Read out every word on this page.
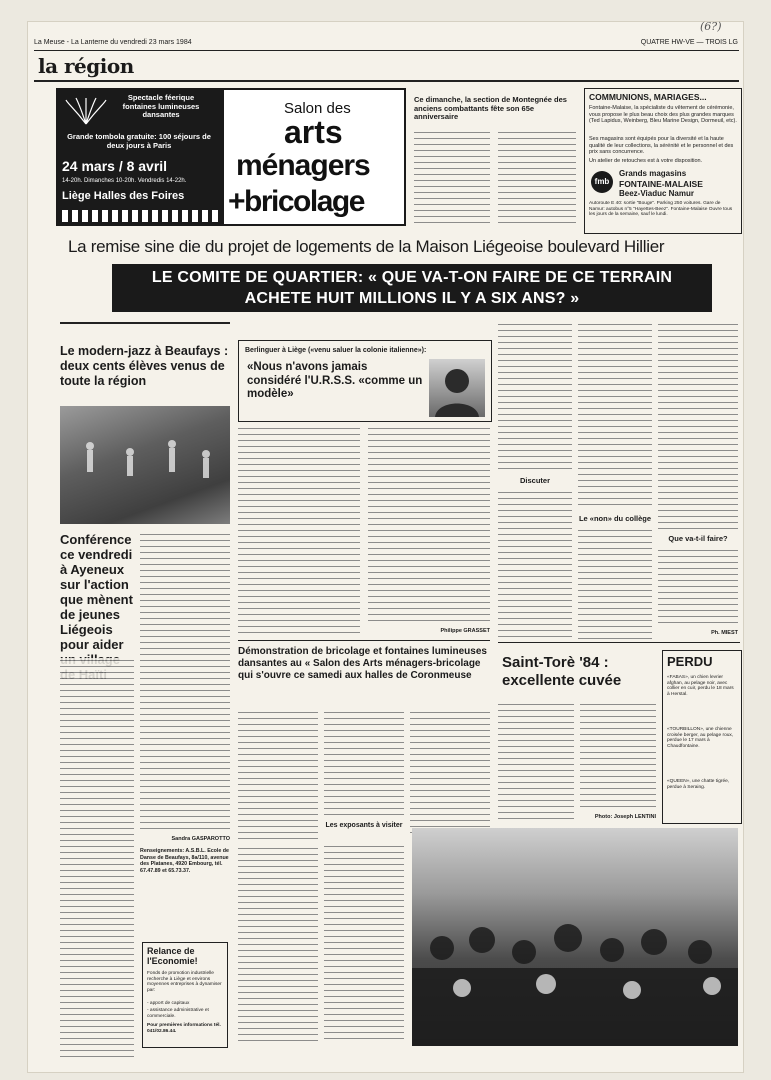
(6?)
La Meuse - La Lanterne du vendredi 23 mars 1984	QUATRE HW-VE — TROIS LG
la région
Spectacle féerique fontaines lumineuses dansantes
Grande tombola gratuite: 100 séjours de deux jours à Paris
24 mars / 8 avril
14-20h. Dimanches 10-20h. Vendredis 14-22h.
Liège Halles des Foires
Salon des
arts
ménagers
+bricolage
Ce dimanche, la section de Montegnée des anciens combattants fête son 65e anniversaire
COMMUNIONS, MARIAGES...
Fontaine-Malaise, la spécialiste du vêtement de cérémonie, vous propose le plus beau choix des plus grandes marques (Ted Lapidus, Weinberg, Bleu Marine Design, Dormeuil, etc).
Ses magasins sont équipés pour la diversité et la haute qualité de leur collections, la sérénité et le personnel et des prix sans concurrence.
Un atelier de retouches est à votre disposition.
fmb
Grands magasins
FONTAINE-MALAISE
Beez-Viaduc Namur
Autoroute E 40: sortie "Bouge". Parking 250 voitures. Gare de Namur: autobus n°5 "Hayettes-Beez". Fontaine-Malaise Ouvre tous les jours de la semaine, sauf le lundi.
La remise sine die du projet de logements de la Maison Liégeoise boulevard Hillier
LE COMITE DE QUARTIER: « QUE VA-T-ON FAIRE DE CE TERRAIN ACHETE HUIT MILLIONS IL Y A SIX ANS? »
Le modern-jazz à Beaufays : deux cents élèves venus de toute la région
Conférence ce vendredi à Ayeneux sur l'action que mènent de jeunes Liégeois pour aider
Sandra GASPAROTTO
Renseignements: A.S.B.L. Ecole de Danse de Beaufays, 8a/110, avenue des Platanes, 4920 Embourg, tél. 67.47.89 et 65.73.37.
Relance de l'Economie!
Fonds de promotion industrielle recherche à Liège et environs moyennes entreprises à dynamiser par:
- apport de capitaux
- assistance administrative et commerciale.
Pour premières informations tél. 041/02.86.44.
Berlinguer à Liège («venu saluer la colonie italienne»):
«Nous n'avons jamais considéré l'U.R.S.S. «comme un modèle»
Philippe GRASSET
Démonstration de bricolage et fontaines lumineuses dansantes au « Salon des Arts ménagers-bricolage qui s'ouvre ce samedi aux halles de Coronmeuse
Les exposants à visiter
Discuter
Le «non» du collège
Que va-t-il faire?
Ph. MIEST
Saint-Torè '84 : excellente cuvée
Photo: Joseph LENTINI
PERDU
«FABAS», un chien levrier afghan, au pelage noir, avec collier en cuir, perdu le 18 mars à Herstal.
«TOURBILLON», une chienne croisée berger, au pelage roux, perdue le 17 mars à Chaudfontaine.
«QUEEN», une chatte tigrée, perdue à Seraing.
